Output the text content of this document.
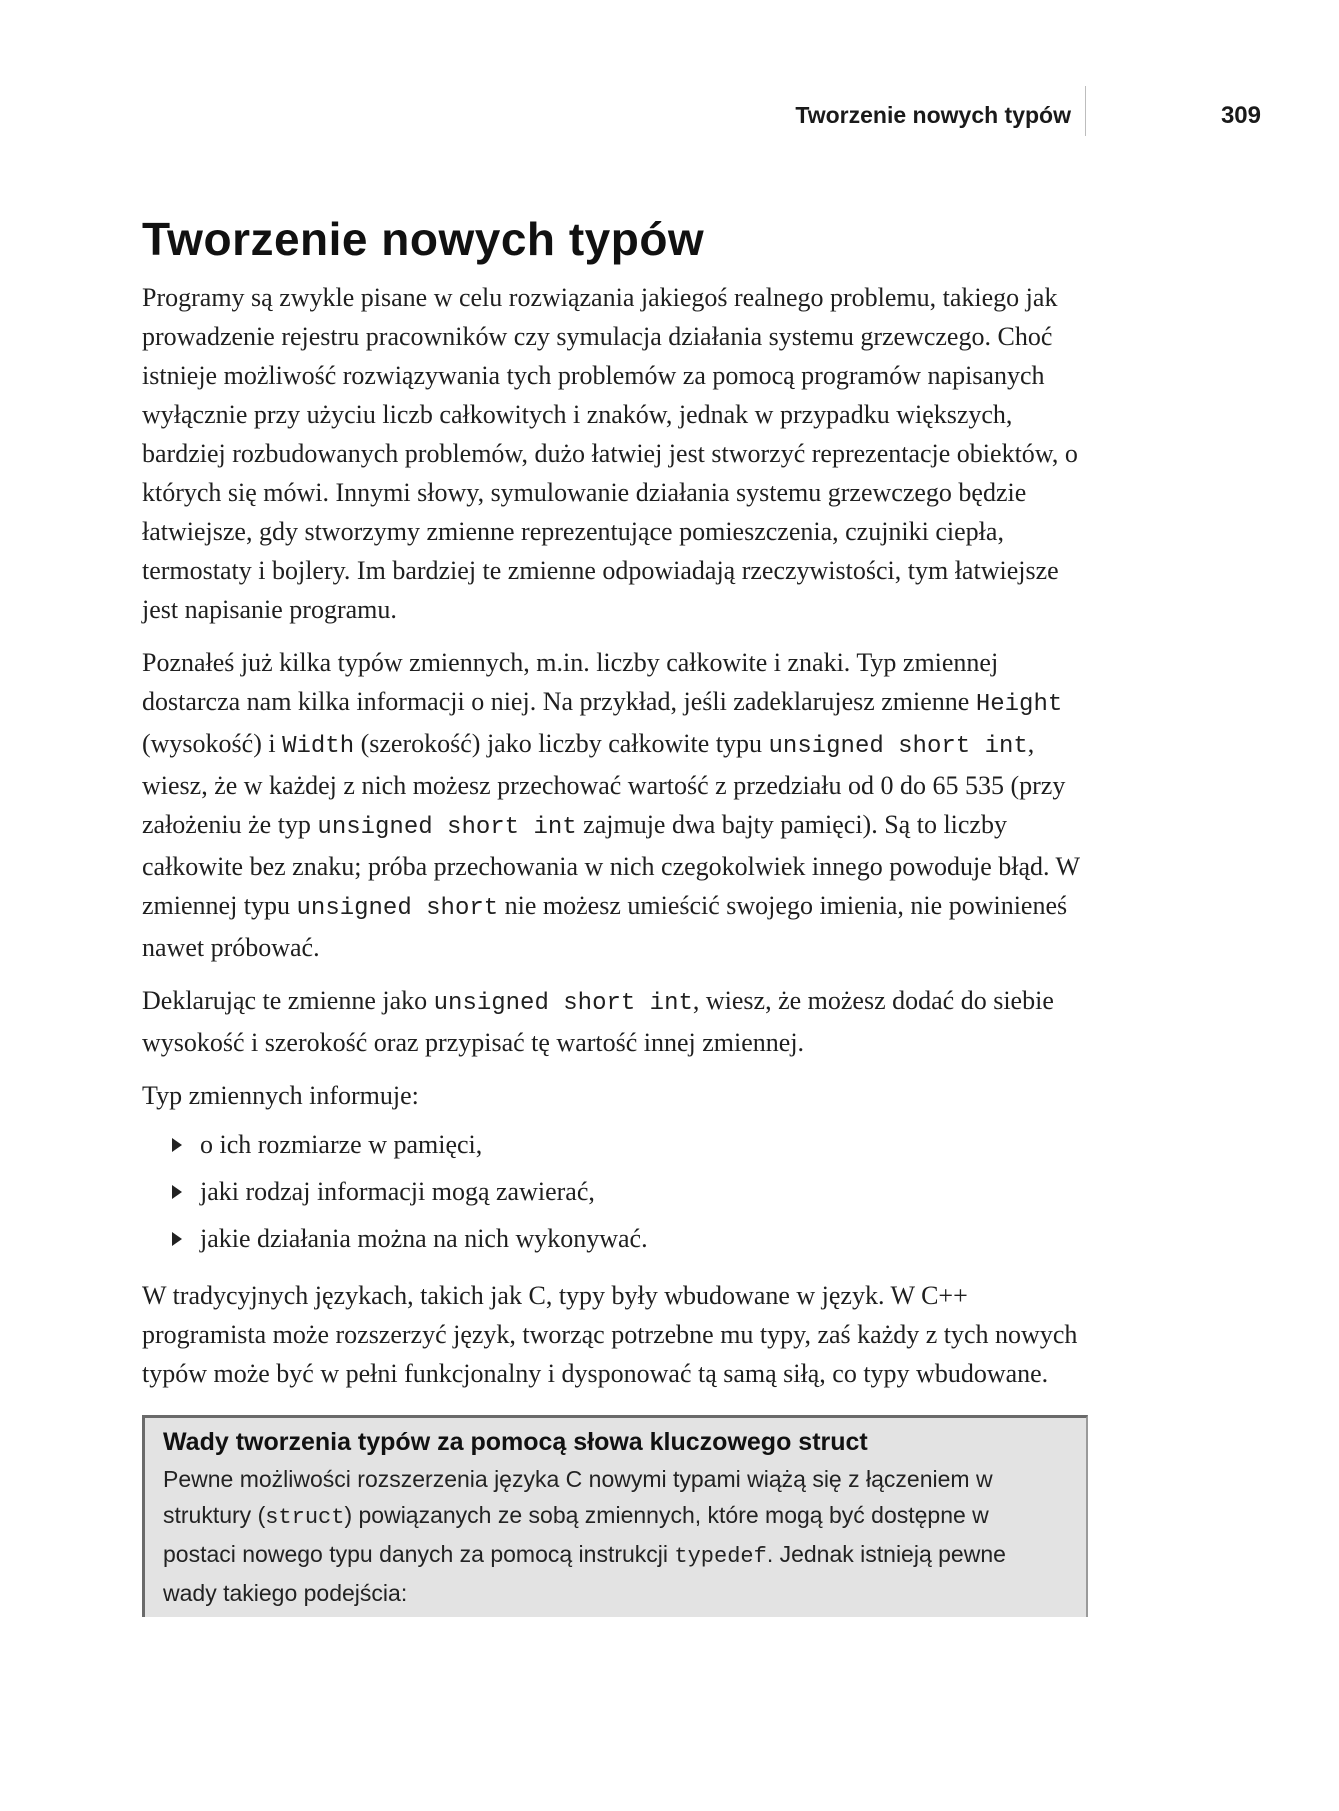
Tworzenie nowych typów	309
Tworzenie nowych typów

Programy są zwykle pisane w celu rozwiązania jakiegoś realnego problemu, takiego jak prowadzenie rejestru pracowników czy symulacja działania systemu grzewczego. Choć istnieje możliwość rozwiązywania tych problemów za pomocą programów napisanych wyłącznie przy użyciu liczb całkowitych i znaków, jednak w przypadku większych, bardziej rozbudowanych problemów, dużo łatwiej jest stworzyć reprezentacje obiektów, o których się mówi. Innymi słowy, symulowanie działania systemu grzewczego będzie łatwiejsze, gdy stworzymy zmienne reprezentujące pomieszczenia, czujniki ciepła, termostaty i bojlery. Im bardziej te zmienne odpowiadają rzeczywistości, tym łatwiejsze jest napisanie programu.

Poznałeś już kilka typów zmiennych, m.in. liczby całkowite i znaki. Typ zmiennej dostarcza nam kilka informacji o niej. Na przykład, jeśli zadeklarujesz zmienne Height (wysokość) i Width (szerokość) jako liczby całkowite typu unsigned short int, wiesz, że w każdej z nich możesz przechować wartość z przedziału od 0 do 65 535 (przy założeniu że typ unsigned short int zajmuje dwa bajty pamięci). Są to liczby całkowite bez znaku; próba przechowania w nich czegokolwiek innego powoduje błąd. W zmiennej typu unsigned short nie możesz umieścić swojego imienia, nie powinieneś nawet próbować.

Deklarując te zmienne jako unsigned short int, wiesz, że możesz dodać do siebie wysokość i szerokość oraz przypisać tę wartość innej zmiennej.

Typ zmiennych informuje:

o ich rozmiarze w pamięci,
jaki rodzaj informacji mogą zawierać,
jakie działania można na nich wykonywać.

W tradycyjnych językach, takich jak C, typy były wbudowane w język. W C++ programista może rozszerzyć język, tworząc potrzebne mu typy, zaś każdy z tych nowych typów może być w pełni funkcjonalny i dysponować tą samą siłą, co typy wbudowane.

Wady tworzenia typów za pomocą słowa kluczowego struct

Pewne możliwości rozszerzenia języka C nowymi typami wiążą się z łączeniem w struktury (struct) powiązanych ze sobą zmiennych, które mogą być dostępne w postaci nowego typu danych za pomocą instrukcji typedef. Jednak istnieją pewne wady takiego podejścia:
